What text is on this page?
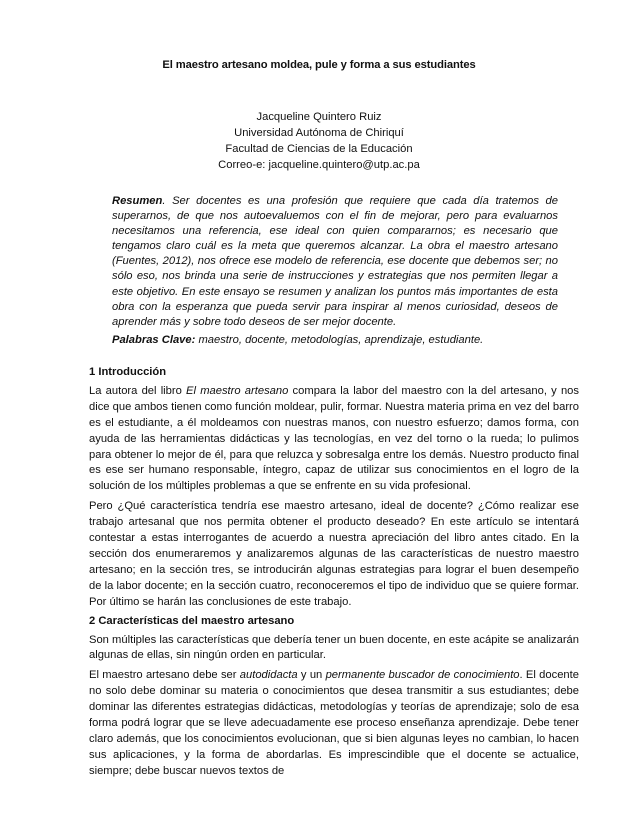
El maestro artesano moldea, pule y forma a sus estudiantes
Jacqueline Quintero Ruiz
Universidad Autónoma de Chiriquí
Facultad de Ciencias de la Educación
Correo-e: jacqueline.quintero@utp.ac.pa
Resumen. Ser docentes es una profesión que requiere que cada día tratemos de superarnos, de que nos autoevaluemos con el fin de mejorar, pero para evaluarnos necesitamos una referencia, ese ideal con quien compararnos; es necesario que tengamos claro cuál es la meta que queremos alcanzar. La obra el maestro artesano (Fuentes, 2012), nos ofrece ese modelo de referencia, ese docente que debemos ser; no sólo eso, nos brinda una serie de instrucciones y estrategias que nos permiten llegar a este objetivo. En este ensayo se resumen y analizan los puntos más importantes de esta obra con la esperanza que pueda servir para inspirar al menos curiosidad, deseos de aprender más y sobre todo deseos de ser mejor docente.
Palabras Clave: maestro, docente, metodologías, aprendizaje, estudiante.
1 Introducción

La autora del libro El maestro artesano compara la labor del maestro con la del artesano, y nos dice que ambos tienen como función moldear, pulir, formar. Nuestra materia prima en vez del barro es el estudiante, a él moldeamos con nuestras manos, con nuestro esfuerzo; damos forma, con ayuda de las herramientas didácticas y las tecnologías, en vez del torno o la rueda; lo pulimos para obtener lo mejor de él, para que reluzca y sobresalga entre los demás. Nuestro producto final es ese ser humano responsable, íntegro, capaz de utilizar sus conocimientos en el logro de la solución de los múltiples problemas a que se enfrente en su vida profesional.

Pero ¿Qué característica tendría ese maestro artesano, ideal de docente? ¿Cómo realizar ese trabajo artesanal que nos permita obtener el producto deseado? En este artículo se intentará contestar a estas interrogantes de acuerdo a nuestra apreciación del libro antes citado. En la sección dos enumeraremos y analizaremos algunas de las características de nuestro maestro artesano; en la sección tres, se introducirán algunas estrategias para lograr el buen desempeño de la labor docente; en la sección cuatro, reconoceremos el tipo de individuo que se quiere formar. Por último se harán las conclusiones de este trabajo.

2 Características del maestro artesano

Son múltiples las características que debería tener un buen docente, en este acápite se analizarán algunas de ellas, sin ningún orden en particular.

El maestro artesano debe ser autodidacta y un permanente buscador de conocimiento. El docente no solo debe dominar su materia o conocimientos que desea transmitir a sus estudiantes; debe dominar las diferentes estrategias didácticas, metodologías y teorías de aprendizaje; solo de esa forma podrá lograr que se lleve adecuadamente ese proceso enseñanza aprendizaje. Debe tener claro además, que los conocimientos evolucionan, que si bien algunas leyes no cambian, lo hacen sus aplicaciones, y la forma de abordarlas. Es imprescindible que el docente se actualice, siempre; debe buscar nuevos textos de
